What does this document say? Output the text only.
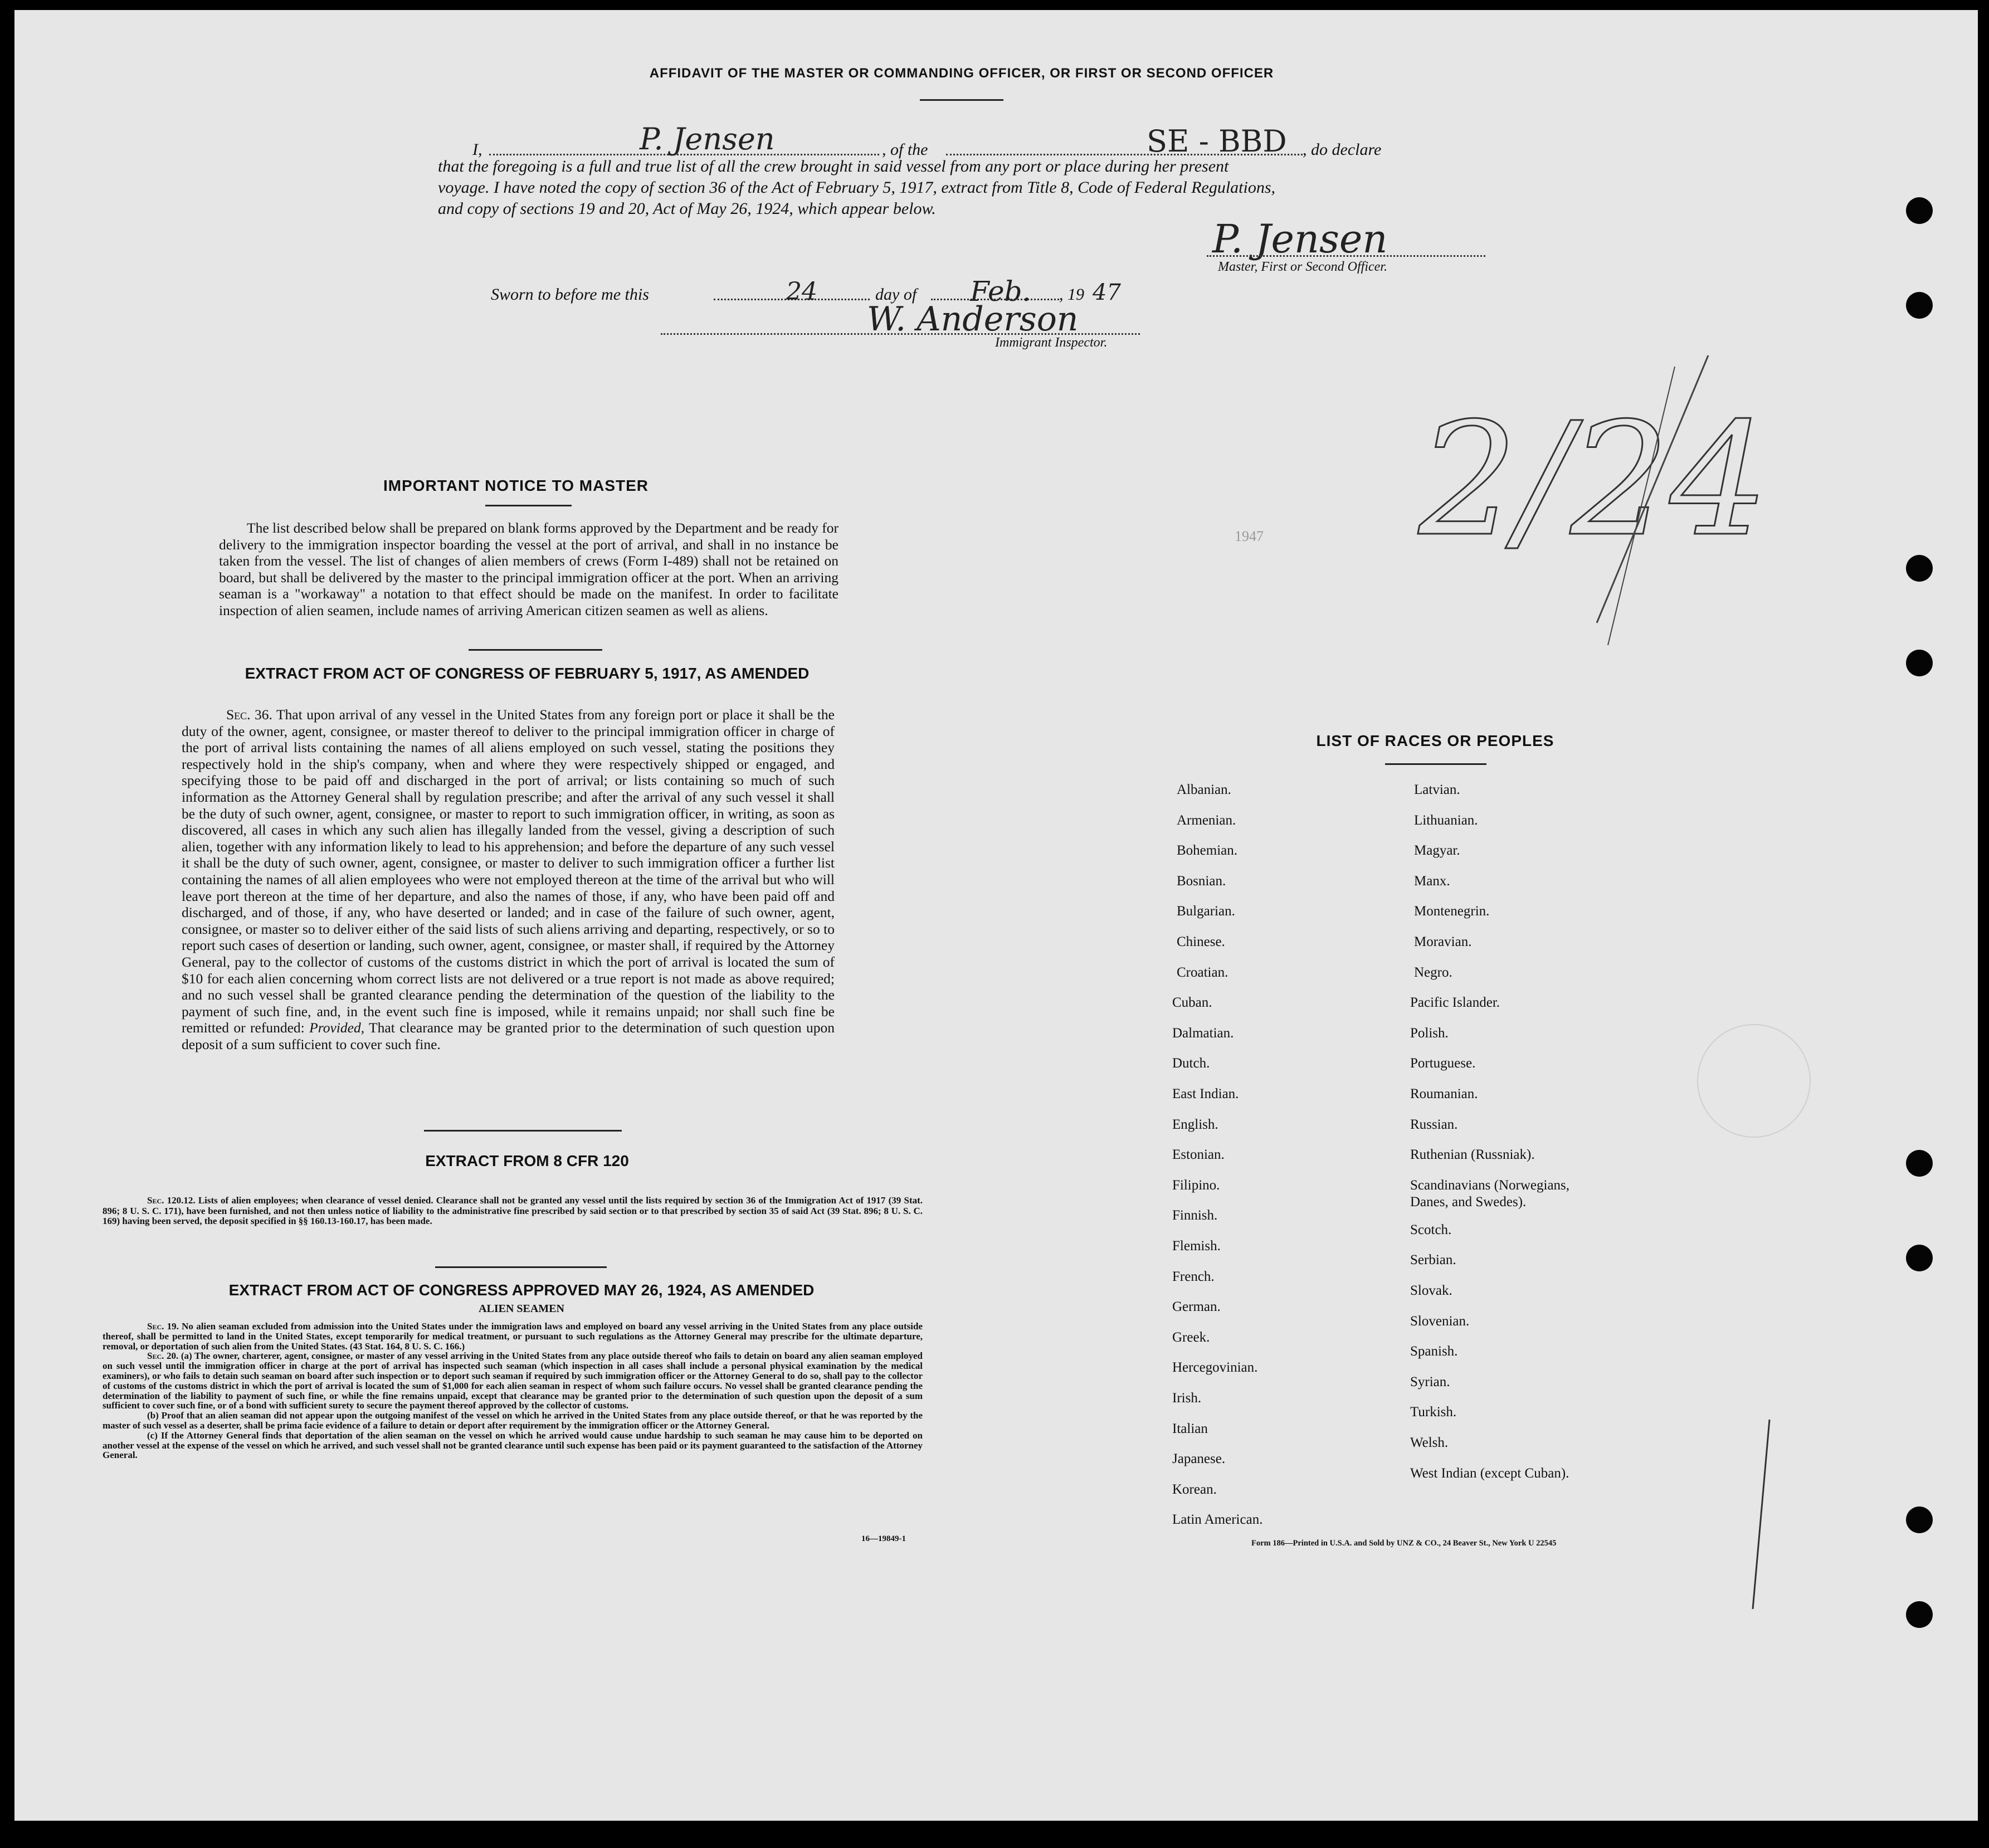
AFFIDAVIT OF THE MASTER OR COMMANDING OFFICER, OR FIRST OR SECOND OFFICER
I,	P. Jensen	, of the	SE - BBD , do declare
that the foregoing is a full and true list of all the crew brought in said vessel from any port or place during her present
voyage. I have noted the copy of section 36 of the Act of February 5, 1917, extract from Title 8, Code of Federal Regulations,
and copy of sections 19 and 20, Act of May 26, 1924, which appear below.
P. Jensen
Master, First or Second Officer.
Sworn to before me this	24	day of Feb. , 19 47
W. Anderson
Immigrant Inspector.
2/24
1947
IMPORTANT NOTICE TO MASTER
The list described below shall be prepared on blank forms approved by the Department and be ready for delivery to the immigration inspector boarding the vessel at the port of arrival, and shall in no instance be taken from the vessel. The list of changes of alien members of crews (Form I-489) shall not be retained on board, but shall be delivered by the master to the principal immigration officer at the port. When an arriving seaman is a "workaway" a notation to that effect should be made on the manifest. In order to facilitate inspection of alien seamen, include names of arriving American citizen seamen as well as aliens.
EXTRACT FROM ACT OF CONGRESS OF FEBRUARY 5, 1917, AS AMENDED
Sec. 36. That upon arrival of any vessel in the United States from any foreign port or place it shall be the duty of the owner, agent, consignee, or master thereof to deliver to the principal immigration officer in charge of the port of arrival lists containing the names of all aliens employed on such vessel, stating the positions they respectively hold in the ship's company, when and where they were respectively shipped or engaged, and specifying those to be paid off and discharged in the port of arrival; or lists containing so much of such information as the Attorney General shall by regulation prescribe; and after the arrival of any such vessel it shall be the duty of such owner, agent, consignee, or master to report to such immigration officer, in writing, as soon as discovered, all cases in which any such alien has illegally landed from the vessel, giving a description of such alien, together with any information likely to lead to his apprehension; and before the departure of any such vessel it shall be the duty of such owner, agent, consignee, or master to deliver to such immigration officer a further list containing the names of all alien employees who were not employed thereon at the time of the arrival but who will leave port thereon at the time of her departure, and also the names of those, if any, who have been paid off and discharged, and of those, if any, who have deserted or landed; and in case of the failure of such owner, agent, consignee, or master so to deliver either of the said lists of such aliens arriving and departing, respectively, or so to report such cases of desertion or landing, such owner, agent, consignee, or master shall, if required by the Attorney General, pay to the collector of customs of the customs district in which the port of arrival is located the sum of $10 for each alien concerning whom correct lists are not delivered or a true report is not made as above required; and no such vessel shall be granted clearance pending the determination of the question of the liability to the payment of such fine, and, in the event such fine is imposed, while it remains unpaid; nor shall such fine be remitted or refunded: Provided, That clearance may be granted prior to the determination of such question upon deposit of a sum sufficient to cover such fine.
EXTRACT FROM 8 CFR 120
Sec. 120.12. Lists of alien employees; when clearance of vessel denied. Clearance shall not be granted any vessel until the lists required by section 36 of the Immigration Act of 1917 (39 Stat. 896; 8 U. S. C. 171), have been furnished, and not then unless notice of liability to the administrative fine prescribed by said section or to that prescribed by section 35 of said Act (39 Stat. 896; 8 U. S. C. 169) having been served, the deposit specified in §§ 160.13-160.17, has been made.
EXTRACT FROM ACT OF CONGRESS APPROVED MAY 26, 1924, AS AMENDED
ALIEN SEAMEN
Sec. 19. No alien seaman excluded from admission into the United States under the immigration laws and employed on board any vessel arriving in the United States from any place outside thereof, shall be permitted to land in the United States, except temporarily for medical treatment, or pursuant to such regulations as the Attorney General may prescribe for the ultimate departure, removal, or deportation of such alien from the United States. (43 Stat. 164, 8 U. S. C. 166.)
Sec. 20. (a) The owner, charterer, agent, consignee, or master of any vessel arriving in the United States from any place outside thereof who fails to detain on board any alien seaman employed on such vessel until the immigration officer in charge at the port of arrival has inspected such seaman (which inspection in all cases shall include a personal physical examination by the medical examiners), or who fails to detain such seaman on board after such inspection or to deport such seaman if required by such immigration officer or the Attorney General to do so, shall pay to the collector of customs of the customs district in which the port of arrival is located the sum of $1,000 for each alien seaman in respect of whom such failure occurs. No vessel shall be granted clearance pending the determination of the liability to payment of such fine, or while the fine remains unpaid, except that clearance may be granted prior to the determination of such question upon the deposit of a sum sufficient to cover such fine, or of a bond with sufficient surety to secure the payment thereof approved by the collector of customs.
(b) Proof that an alien seaman did not appear upon the outgoing manifest of the vessel on which he arrived in the United States from any place outside thereof, or that he was reported by the master of such vessel as a deserter, shall be prima facie evidence of a failure to detain or deport after requirement by the immigration officer or the Attorney General.
(c) If the Attorney General finds that deportation of the alien seaman on the vessel on which he arrived would cause undue hardship to such seaman he may cause him to be deported on another vessel at the expense of the vessel on which he arrived, and such vessel shall not be granted clearance until such expense has been paid or its payment guaranteed to the satisfaction of the Attorney General.
16—19849-1
LIST OF RACES OR PEOPLES
Form 186—Printed in U.S.A. and Sold by UNZ & CO., 24 Beaver St., New York U 22545
Albanian.
Armenian.
Bohemian.
Bosnian.
Bulgarian.
Chinese.
Croatian.
Cuban.
Dalmatian.
Dutch.
East Indian.
English.
Estonian.
Filipino.
Finnish.
Flemish.
French.
German.
Greek.
Hercegovinian.
Irish.
Italian
Japanese.
Korean.
Latin American.
Latvian.
Lithuanian.
Magyar.
Manx.
Montenegrin.
Moravian.
Negro.
Pacific Islander.
Polish.
Portuguese.
Roumanian.
Russian.
Ruthenian (Russniak).
Scandinavians (Norwegians,
Danes, and Swedes).
Scotch.
Serbian.
Slovak.
Slovenian.
Spanish.
Syrian.
Turkish.
Welsh.
West Indian (except Cuban).
